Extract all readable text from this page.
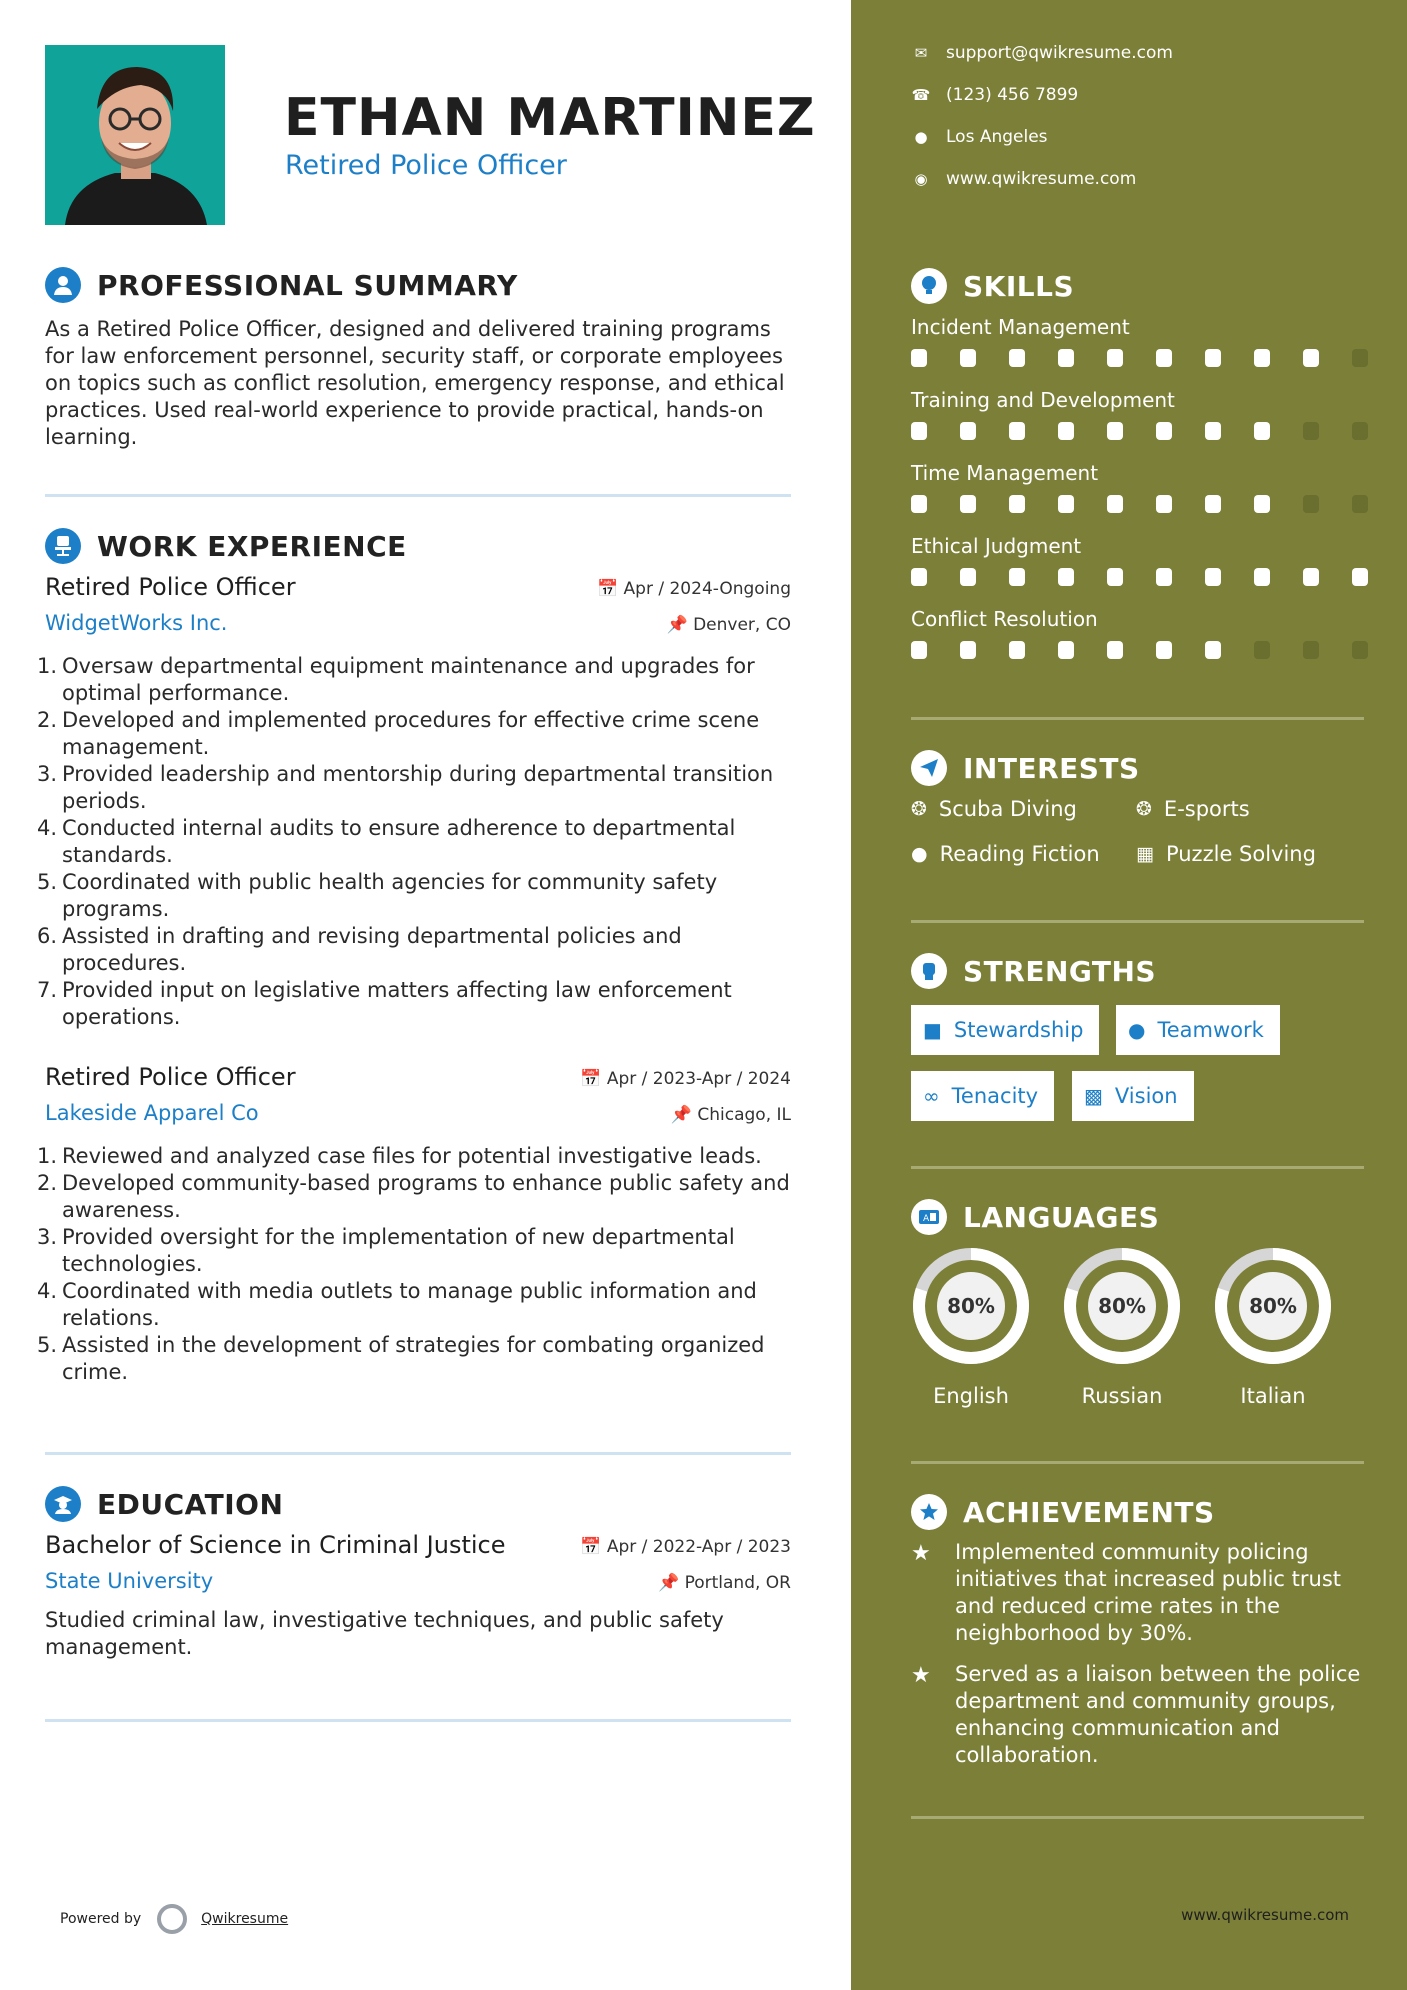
ETHAN MARTINEZ
Retired Police Officer
PROFESSIONAL SUMMARY
As a Retired Police Officer, designed and delivered training programs for law enforcement personnel, security staff, or corporate employees on topics such as conflict resolution, emergency response, and ethical practices. Used real-world experience to provide practical, hands-on learning.
WORK EXPERIENCE
Retired Police Officer	📅 Apr / 2024-Ongoing
WidgetWorks Inc.	📌 Denver, CO
1. Oversaw departmental equipment maintenance and upgrades for optimal performance.
2. Developed and implemented procedures for effective crime scene management.
3. Provided leadership and mentorship during departmental transition periods.
4. Conducted internal audits to ensure adherence to departmental standards.
5. Coordinated with public health agencies for community safety programs.
6. Assisted in drafting and revising departmental policies and procedures.
7. Provided input on legislative matters affecting law enforcement operations.
Retired Police Officer	📅 Apr / 2023-Apr / 2024
Lakeside Apparel Co	📌 Chicago, IL
1. Reviewed and analyzed case files for potential investigative leads.
2. Developed community-based programs to enhance public safety and awareness.
3. Provided oversight for the implementation of new departmental technologies.
4. Coordinated with media outlets to manage public information and relations.
5. Assisted in the development of strategies for combating organized crime.
EDUCATION
Bachelor of Science in Criminal Justice	📅 Apr / 2022-Apr / 2023
State University	📌 Portland, OR
Studied criminal law, investigative techniques, and public safety management.
Powered by	Qwikresume
✉ support@qwikresume.com
☎ (123) 456 7899
● Los Angeles
◉ www.qwikresume.com
SKILLS
Incident Management
Training and Development
Time Management
Ethical Judgment
Conflict Resolution
INTERESTS
❂ Scuba Diving	❂ E-sports
● Reading Fiction ▦ Puzzle Solving
STRENGTHS
■ Stewardship ● Teamwork
∞ Tenacity ▩ Vision
A LANGUAGES
80%
English
80%
Russian
80%
Italian
ACHIEVEMENTS
★	Implemented community policing initiatives that increased public trust and reduced crime rates in the neighborhood by 30%.
★	Served as a liaison between the police department and community groups, enhancing communication and collaboration.
www.qwikresume.com
